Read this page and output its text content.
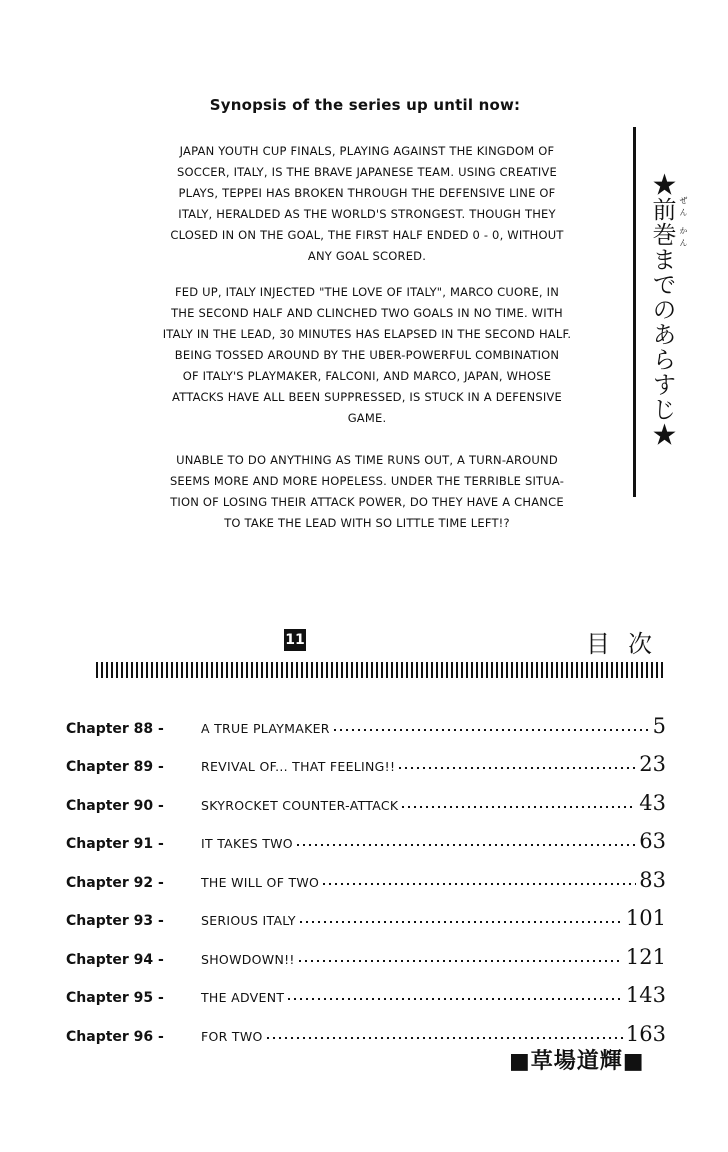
Synopsis of the series up until now:

JAPAN YOUTH CUP FINALS, PLAYING AGAINST THE KINGDOM OF
SOCCER, ITALY, IS THE BRAVE JAPANESE TEAM. USING CREATIVE
PLAYS, TEPPEI HAS BROKEN THROUGH THE DEFENSIVE LINE OF
ITALY, HERALDED AS THE WORLD'S STRONGEST. THOUGH THEY
CLOSED IN ON THE GOAL, THE FIRST HALF ENDED 0 - 0, WITHOUT
ANY GOAL SCORED.

FED UP, ITALY INJECTED "THE LOVE OF ITALY", MARCO CUORE, IN
THE SECOND HALF AND CLINCHED TWO GOALS IN NO TIME. WITH
ITALY IN THE LEAD, 30 MINUTES HAS ELAPSED IN THE SECOND HALF.
BEING TOSSED AROUND BY THE UBER-POWERFUL COMBINATION
OF ITALY'S PLAYMAKER, FALCONI, AND MARCO, JAPAN, WHOSE
ATTACKS HAVE ALL BEEN SUPPRESSED, IS STUCK IN A DEFENSIVE
GAME.

UNABLE TO DO ANYTHING AS TIME RUNS OUT, A TURN-AROUND
SEEMS MORE AND MORE HOPELESS. UNDER THE TERRIBLE SITUA-
TION OF LOSING THEIR ATTACK POWER, DO THEY HAVE A CHANCE
TO TAKE THE LEAD WITH SO LITTLE TIME LEFT!?

★前巻までのあらすじ★ ぜん かん
11	目次
Chapter 88 -	A TRUE PLAYMAKER	5
Chapter 89 -	REVIVAL OF... THAT FEELING!!	23
Chapter 90 -	SKYROCKET COUNTER-ATTACK	43
Chapter 91 -	IT TAKES TWO	63
Chapter 92 -	THE WILL OF TWO	83
Chapter 93 -	SERIOUS ITALY	101
Chapter 94 -	SHOWDOWN!!	121
Chapter 95 -	THE ADVENT	143
Chapter 96 -	FOR TWO	163
■草場道輝■
